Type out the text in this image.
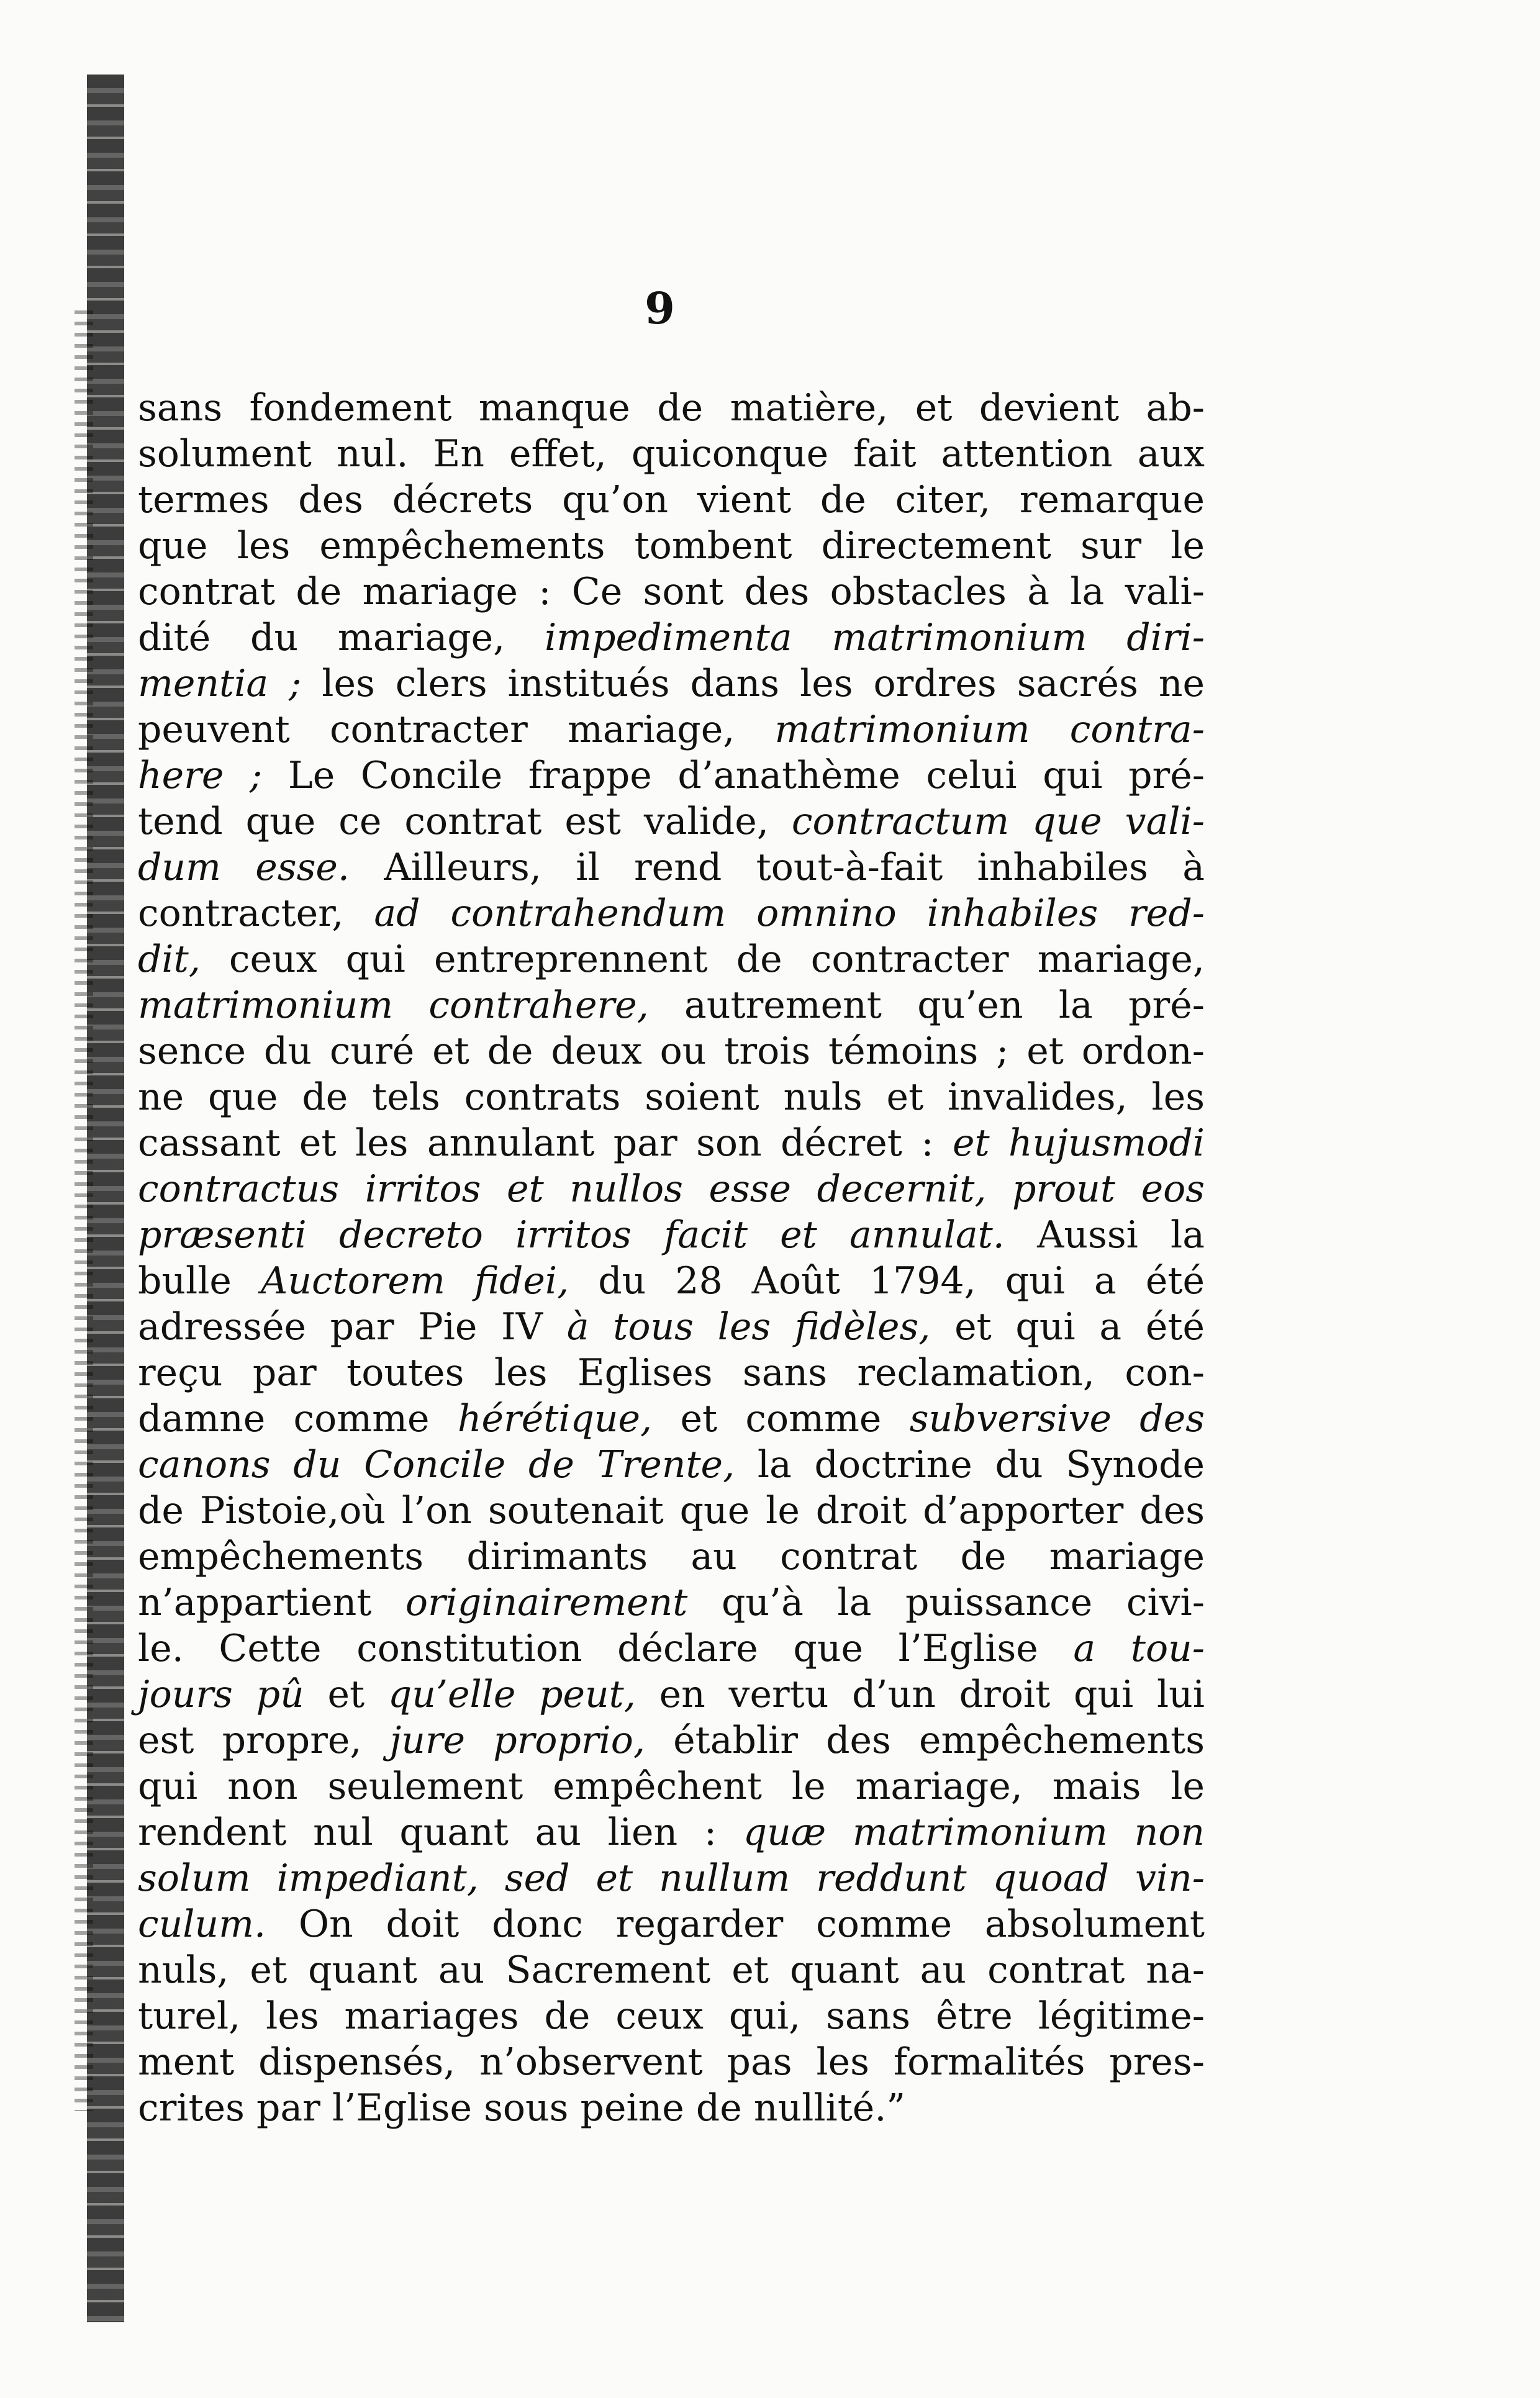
9
sans fondement manque de matière, et devient ab-
solument nul. En effet, quiconque fait attention aux
termes des décrets qu’on vient de citer, remarque
que les empêchements tombent directement sur le
contrat de mariage : Ce sont des obstacles à la vali-
dité du mariage, impedimenta matrimonium diri-
mentia ; les clers institués dans les ordres sacrés ne
peuvent contracter mariage, matrimonium contra-
here ; Le Concile frappe d’anathème celui qui pré-
tend que ce contrat est valide, contractum que vali-
dum esse. Ailleurs, il rend tout-à-fait inhabiles à
contracter, ad contrahendum omnino inhabiles red-
dit, ceux qui entreprennent de contracter mariage,
matrimonium contrahere, autrement qu’en la pré-
sence du curé et de deux ou trois témoins ; et ordon-
ne que de tels contrats soient nuls et invalides, les
cassant et les annulant par son décret : et hujusmodi
contractus irritos et nullos esse decernit, prout eos
præsenti decreto irritos facit et annulat. Aussi la
bulle Auctorem fidei, du 28 Août 1794, qui a été
adressée par Pie IV à tous les fidèles, et qui a été
reçu par toutes les Eglises sans reclamation, con-
damne comme hérétique, et comme subversive des
canons du Concile de Trente, la doctrine du Synode
de Pistoie,où l’on soutenait que le droit d’apporter des
empêchements dirimants au contrat de mariage
n’appartient originairement qu’à la puissance civi-
le. Cette constitution déclare que l’Eglise a tou-
jours pû et qu’elle peut, en vertu d’un droit qui lui
est propre, jure proprio, établir des empêchements
qui non seulement empêchent le mariage, mais le
rendent nul quant au lien : quæ matrimonium non
solum impediant, sed et nullum reddunt quoad vin-
culum. On doit donc regarder comme absolument
nuls, et quant au Sacrement et quant au contrat na-
turel, les mariages de ceux qui, sans être légitime-
ment dispensés, n’observent pas les formalités pres-
crites par l’Eglise sous peine de nullité.”
